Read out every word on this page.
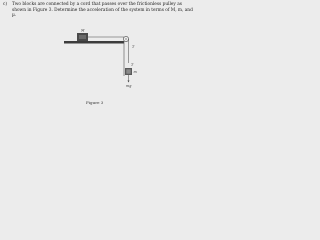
c) Two blocks are connected by a cord that passes over the frictionless pulley as shown in Figure 3. Determine the acceleration of the system in terms of M, m, and µ.
M
T
T
m
mg
Figure 3
